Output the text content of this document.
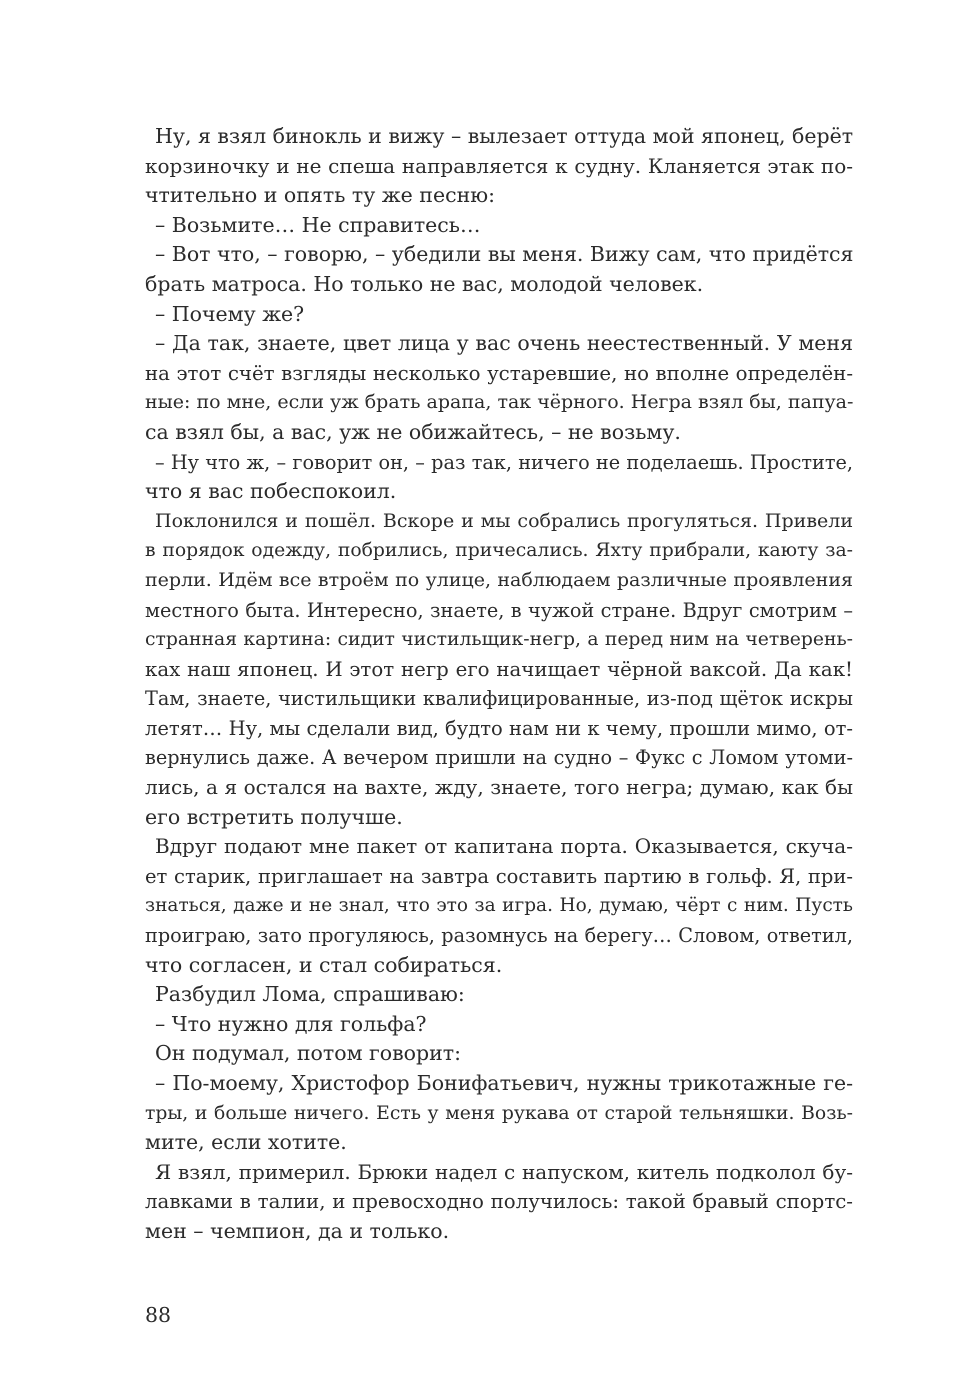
Ну, я взял бинокль и вижу – вылезает оттуда мой японец, берёт
корзиночку и не спеша направляется к судну. Кланяется этак по-
чтительно и опять ту же песню:
– Возьмите… Не справитесь…
– Вот что, – говорю, – убедили вы меня. Вижу сам, что придётся
брать матроса. Но только не вас, молодой человек.
– Почему же?
– Да так, знаете, цвет лица у вас очень неестественный. У меня
на этот счёт взгляды несколько устаревшие, но вполне определён-
ные: по мне, если уж брать арапа, так чёрного. Негра взял бы, папуа-
са взял бы, а вас, уж не обижайтесь, – не возьму.
– Ну что ж, – говорит он, – раз так, ничего не поделаешь. Простите,
что я вас побеспокоил.
Поклонился и пошёл. Вскоре и мы собрались прогуляться. Привели
в порядок одежду, побрились, причесались. Яхту прибрали, каюту за-
перли. Идём все втроём по улице, наблюдаем различные проявления
местного быта. Интересно, знаете, в чужой стране. Вдруг смотрим –
странная картина: сидит чистильщик-негр, а перед ним на четверень-
ках наш японец. И этот негр его начищает чёрной ваксой. Да как!
Там, знаете, чистильщики квалифицированные, из-под щёток искры
летят… Ну, мы сделали вид, будто нам ни к чему, прошли мимо, от-
вернулись даже. А вечером пришли на судно – Фукс с Ломом утоми-
лись, а я остался на вахте, жду, знаете, того негра; думаю, как бы
его встретить получше.
Вдруг подают мне пакет от капитана порта. Оказывается, скуча-
ет старик, приглашает на завтра составить партию в гольф. Я, при-
знаться, даже и не знал, что это за игра. Но, думаю, чёрт с ним. Пусть
проиграю, зато прогуляюсь, разомнусь на берегу… Словом, ответил,
что согласен, и стал собираться.
Разбудил Лома, спрашиваю:
– Что нужно для гольфа?
Он подумал, потом говорит:
– По-моему, Христофор Бонифатьевич, нужны трикотажные ге-
тры, и больше ничего. Есть у меня рукава от старой тельняшки. Возь-
мите, если хотите.
Я взял, примерил. Брюки надел с напуском, китель подколол бу-
лавками в талии, и превосходно получилось: такой бравый спортс-
мен – чемпион, да и только.
88
